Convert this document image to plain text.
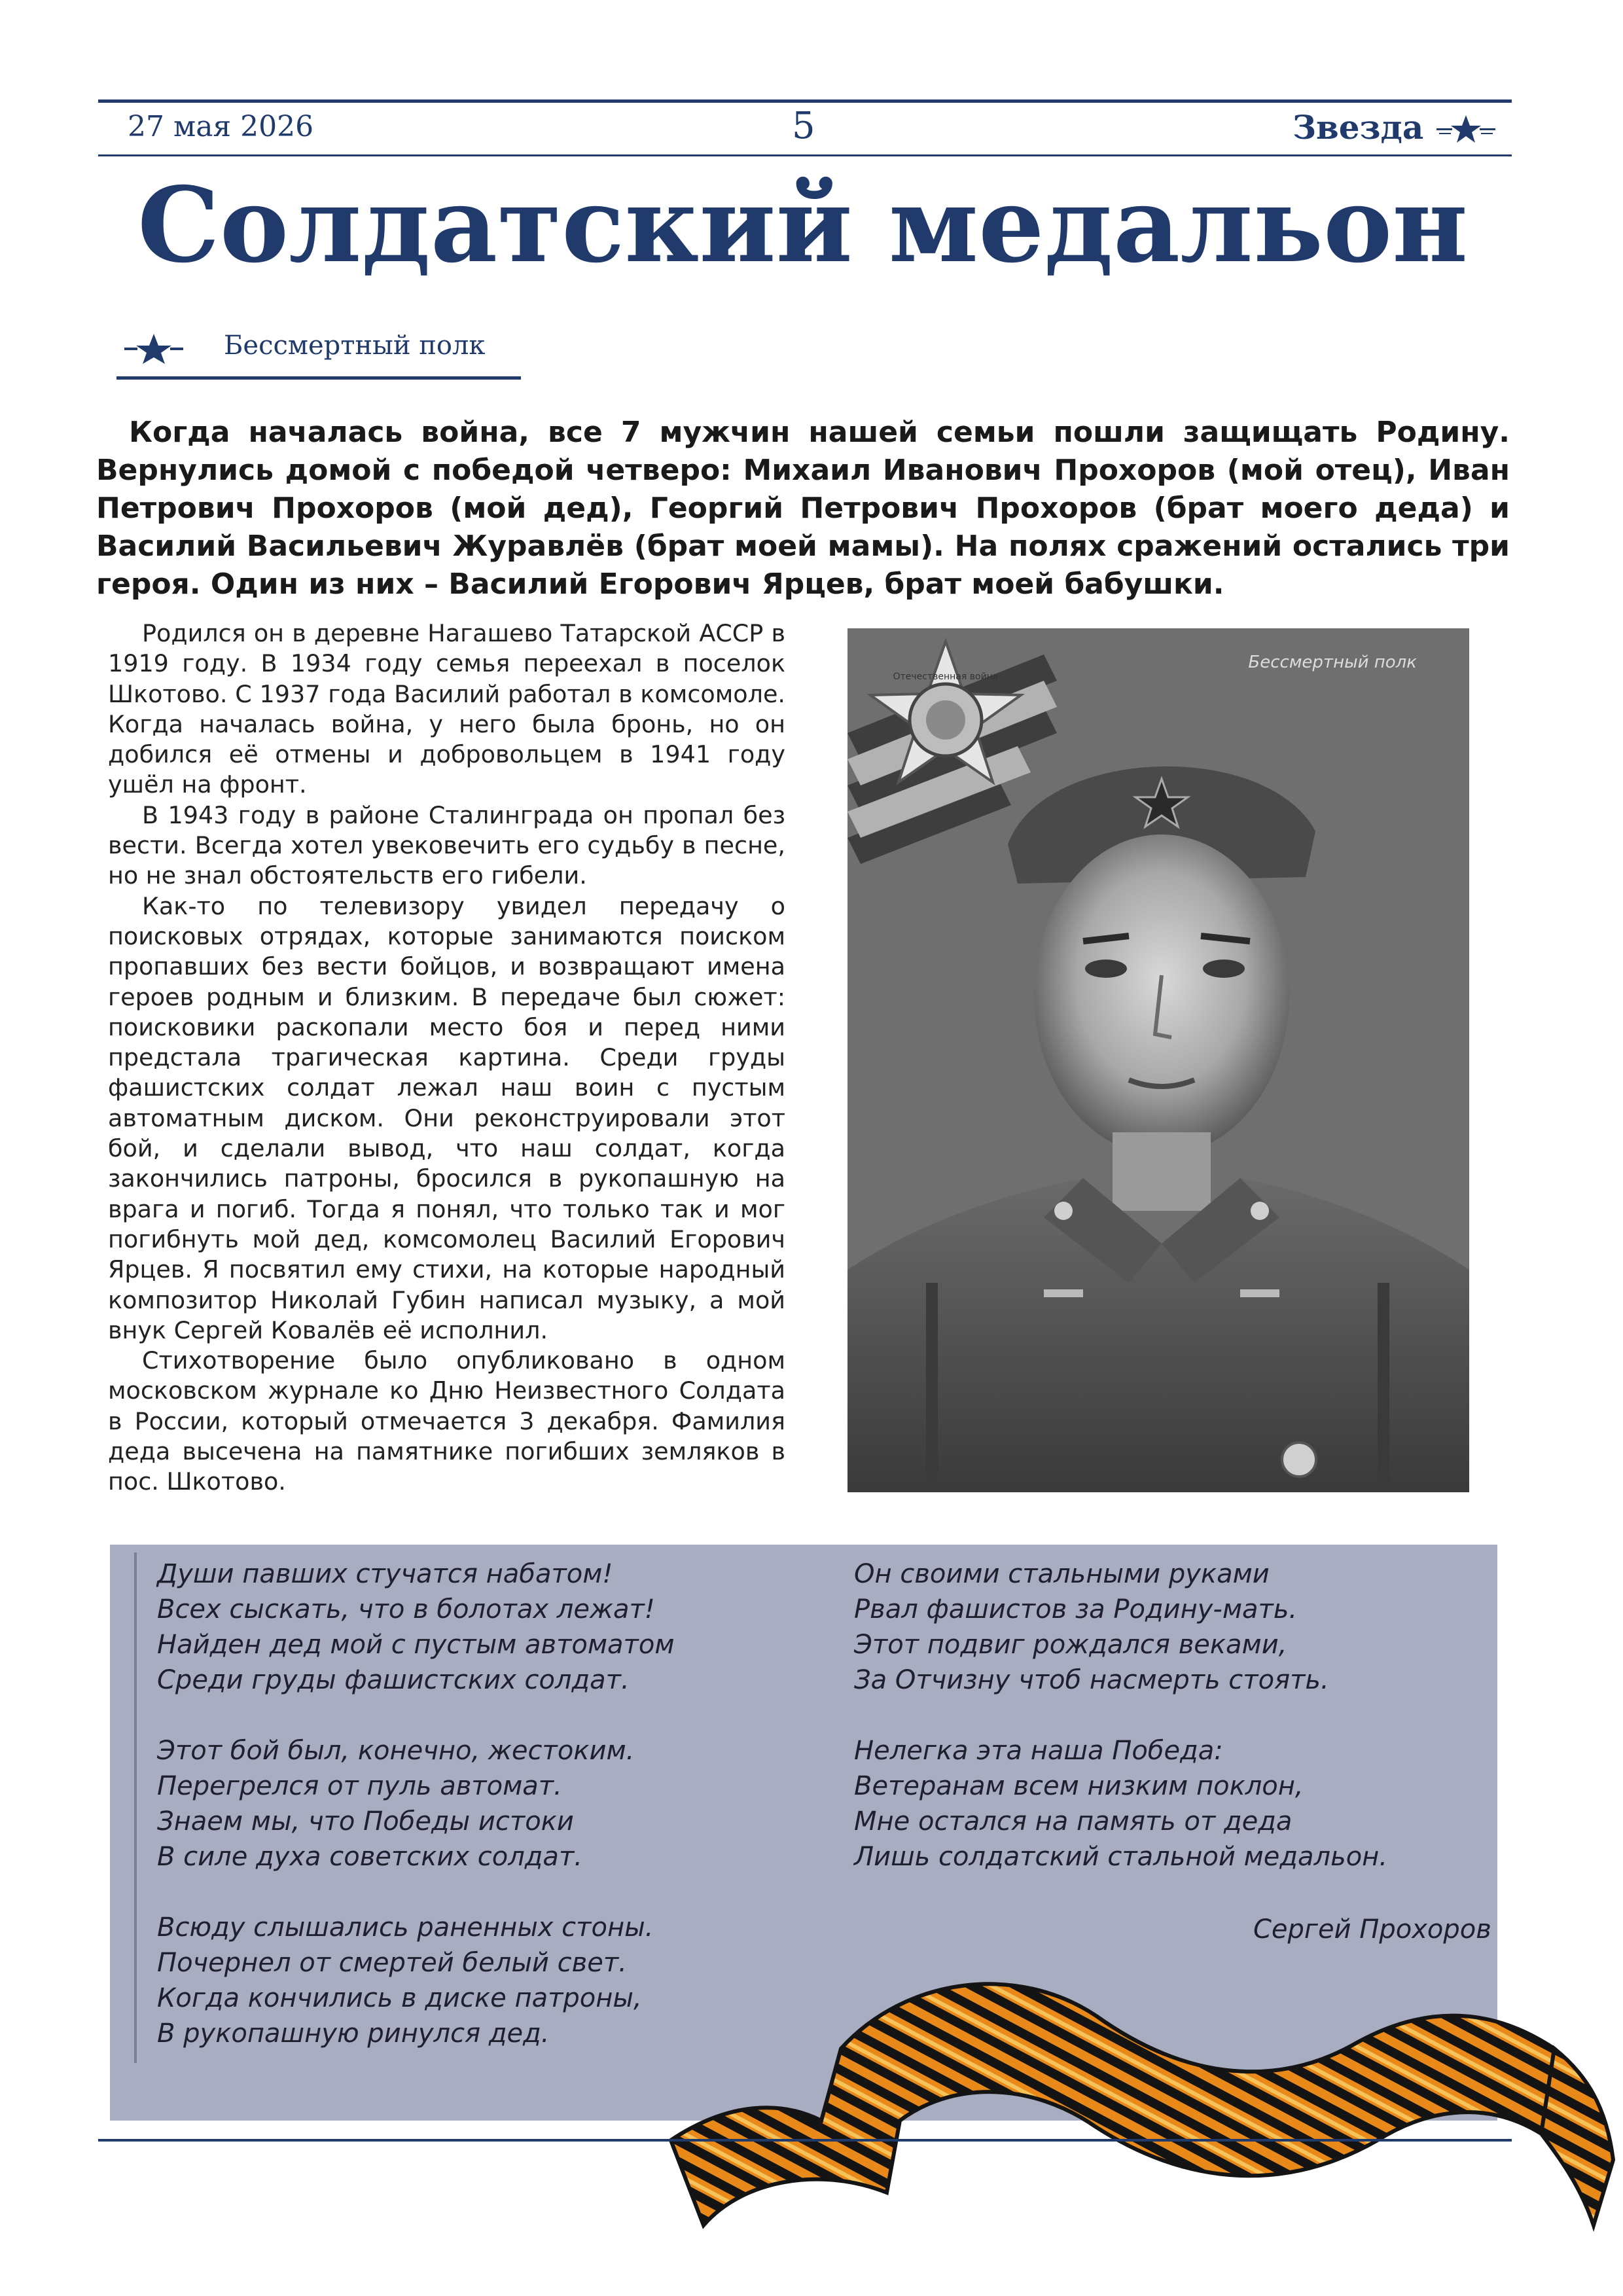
27 мая 2026	5	Звезда
Солдатский медальон
Бессмертный полк

Когда началась война, все 7 мужчин нашей семьи пошли защищать Родину. Вернулись домой с победой четверо: Михаил Иванович Прохоров (мой отец), Иван Петрович Прохоров (мой дед), Георгий Петрович Прохоров (брат моего деда) и Василий Васильевич Журавлёв (брат моей мамы). На полях сражений остались три героя. Один из них – Василий Егорович Ярцев, брат моей бабушки.

Родился он в деревне Нагашево Татарской АССР в 1919 году. В 1934 году семья переехал в поселок Шкотово. С 1937 года Василий работал в комсомоле. Когда началась война, у него была бронь, но он добился её отмены и добровольцем в 1941 году ушёл на фронт.

В 1943 году в районе Сталинграда он пропал без вести. Всегда хотел увековечить его судьбу в песне, но не знал обстоятельств его гибели.

Как-то по телевизору увидел передачу о поисковых отрядах, которые занимаются поиском пропавших без вести бойцов, и возвращают имена героев родным и близким. В передаче был сюжет: поисковики раскопали место боя и перед ними предстала трагическая картина. Среди груды фашистских солдат лежал наш воин с пустым автоматным диском. Они реконструировали этот бой, и сделали вывод, что наш солдат, когда закончились патроны, бросился в рукопашную на врага и погиб. Тогда я понял, что только так и мог погибнуть мой дед, комсомолец Василий Егорович Ярцев. Я посвятил ему стихи, на которые народный композитор Николай Губин написал музыку, а мой внук Сергей Ковалёв её исполнил.

Стихотворение было опубликовано в одном московском журнале ко Дню Неизвестного Солдата в России, который отмечается 3 декабря. Фамилия деда высечена на памятнике погибших земляков в пос. Шкотово.

Отечественная война
Бессмертный полк

Души павших стучатся набатом!
Всех сыскать, что в болотах лежат!
Найден дед мой с пустым автоматом
Среди груды фашистских солдат.

Этот бой был, конечно, жестоким.
Перегрелся от пуль автомат.
Знаем мы, что Победы истоки
В силе духа советских солдат.

Всюду слышались раненных стоны.
Почернел от смертей белый свет.
Когда кончились в диске патроны,
В рукопашную ринулся дед.

Он своими стальными руками
Рвал фашистов за Родину-мать.
Этот подвиг рождался веками,
За Отчизну чтоб насмерть стоять.

Нелегка эта наша Победа:
Ветеранам всем низким поклон,
Мне остался на память от деда
Лишь солдатский стальной медальон.

Сергей Прохоров
